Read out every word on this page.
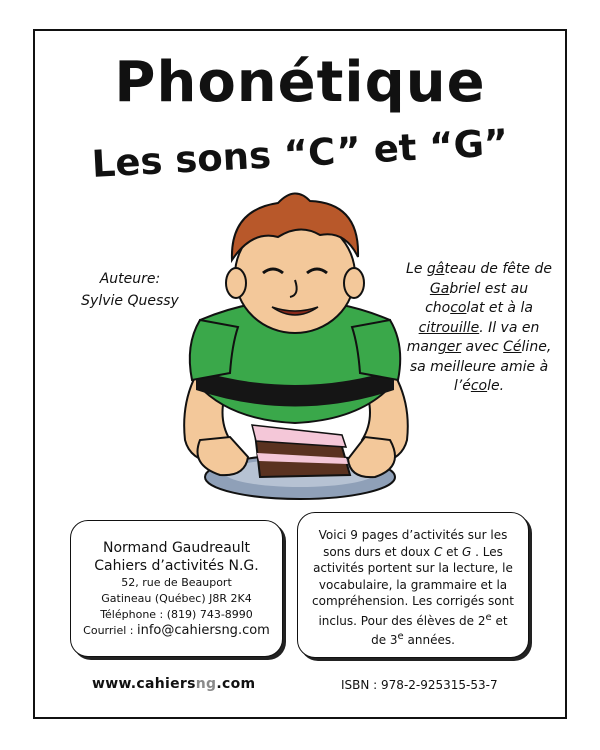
Phonétique
Les sons “C” et “G”
Auteure:
Sylvie Quessy
Le gâteau de fête de Gabriel est au chocolat et à la citrouille. Il va en manger avec Céline, sa meilleure amie à l’école.
Normand Gaudreault
Cahiers d’activités N.G.
52, rue de Beauport
Gatineau (Québec) J8R 2K4
Téléphone : (819) 743-8990
Courriel : info@cahiersng.com
Voici 9 pages d’activités sur les sons durs et doux C et G . Les activités portent sur la lecture, le vocabulaire, la grammaire et la compréhension. Les corrigés sont inclus. Pour des élèves de 2e et de 3e années.
www.cahiersng.com	ISBN : 978-2-925315-53-7
